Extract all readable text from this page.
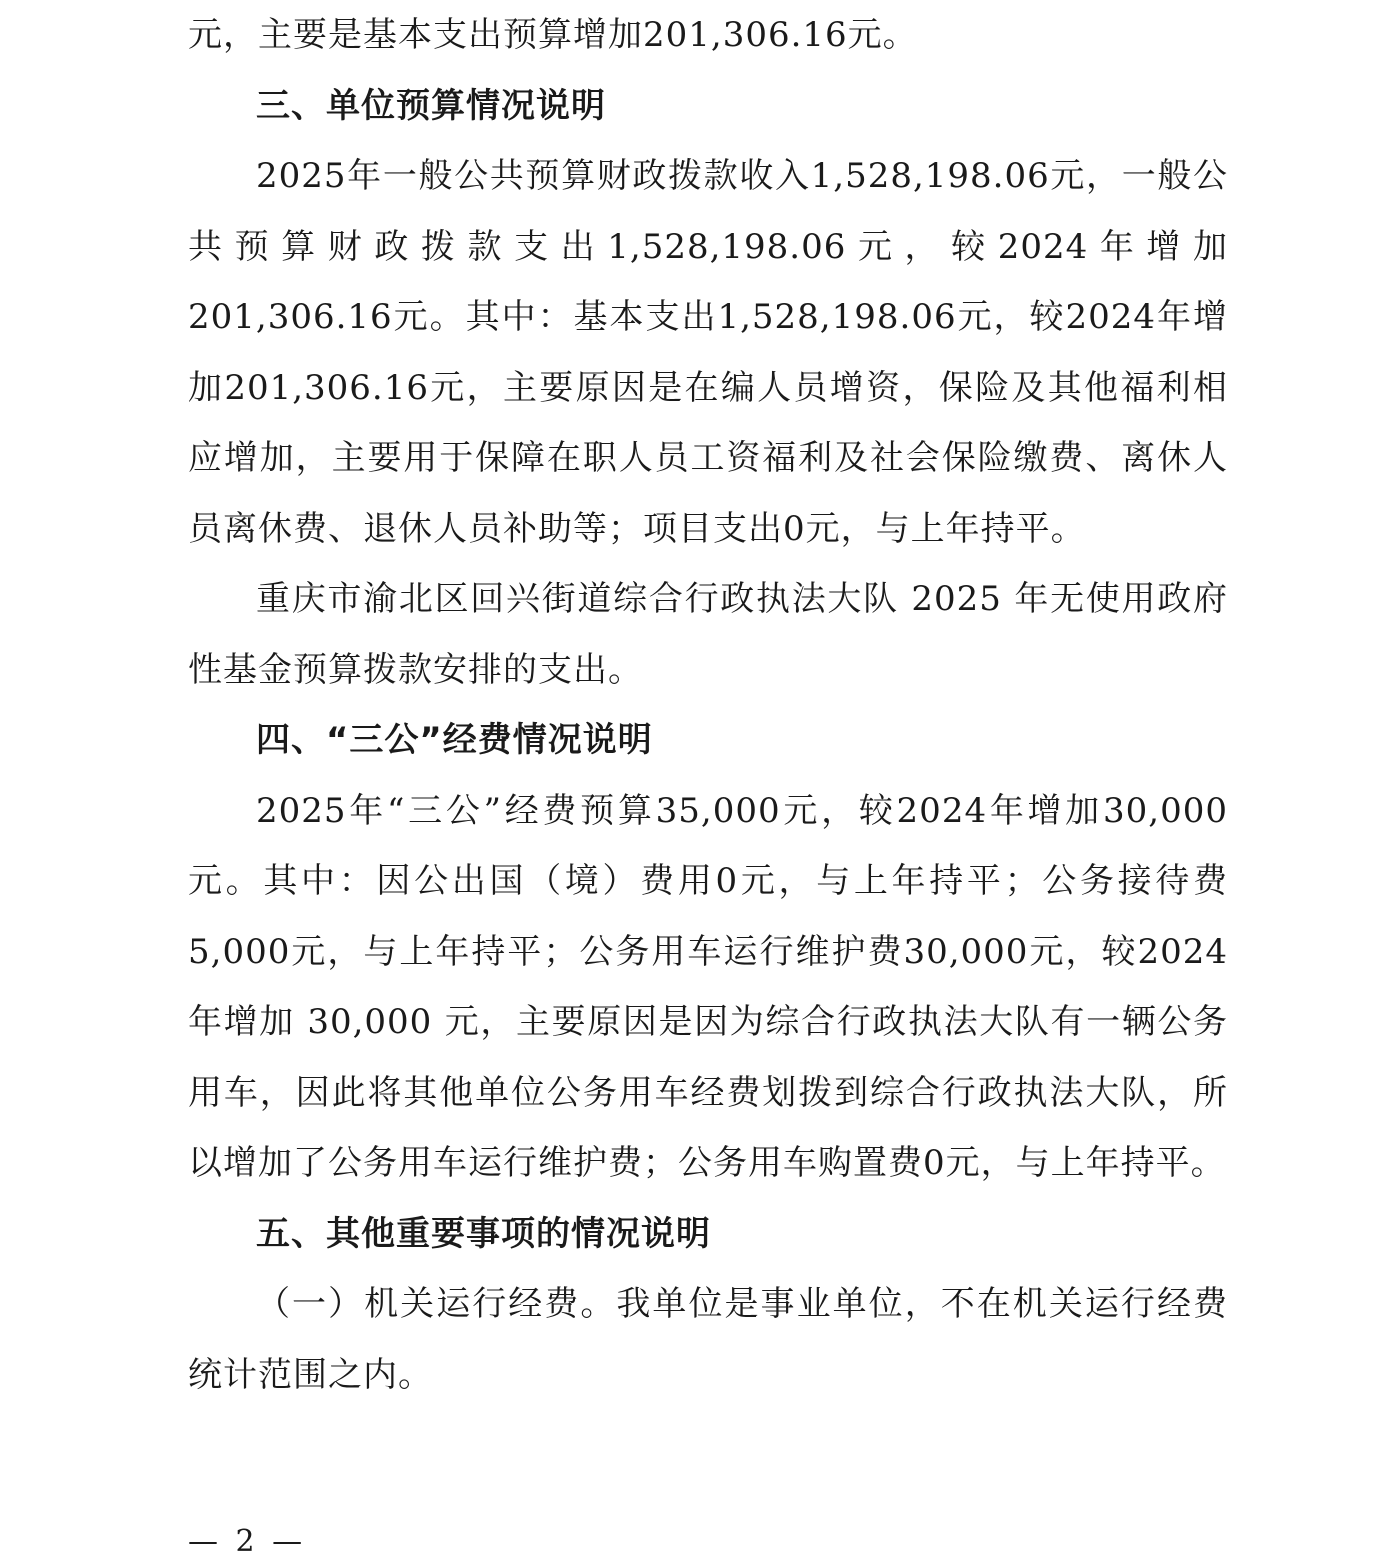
元，主要是基本支出预算增加201,306.16元。

三、单位预算情况说明

2025年一般公共预算财政拨款收入1,528,198.06元，一般公共预算财政拨款支出1,528,198.06元，较2024年增加201,306.16元。其中：基本支出1,528,198.06元，较2024年增加201,306.16元，主要原因是在编人员增资，保险及其他福利相应增加，主要用于保障在职人员工资福利及社会保险缴费、离休人员离休费、退休人员补助等；项目支出0元，与上年持平。

重庆市渝北区回兴街道综合行政执法大队 2025 年无使用政府性基金预算拨款安排的支出。

四、“三公”经费情况说明

2025年“三公”经费预算35,000元，较2024年增加30,000元。其中：因公出国（境）费用0元，与上年持平；公务接待费5,000元，与上年持平；公务用车运行维护费30,000元，较2024年增加 30,000 元，主要原因是因为综合行政执法大队有一辆公务用车，因此将其他单位公务用车经费划拨到综合行政执法大队，所以增加了公务用车运行维护费；公务用车购置费0元，与上年持平。

五、其他重要事项的情况说明

（一）机关运行经费。我单位是事业单位，不在机关运行经费统计范围之内。

— 2 —
